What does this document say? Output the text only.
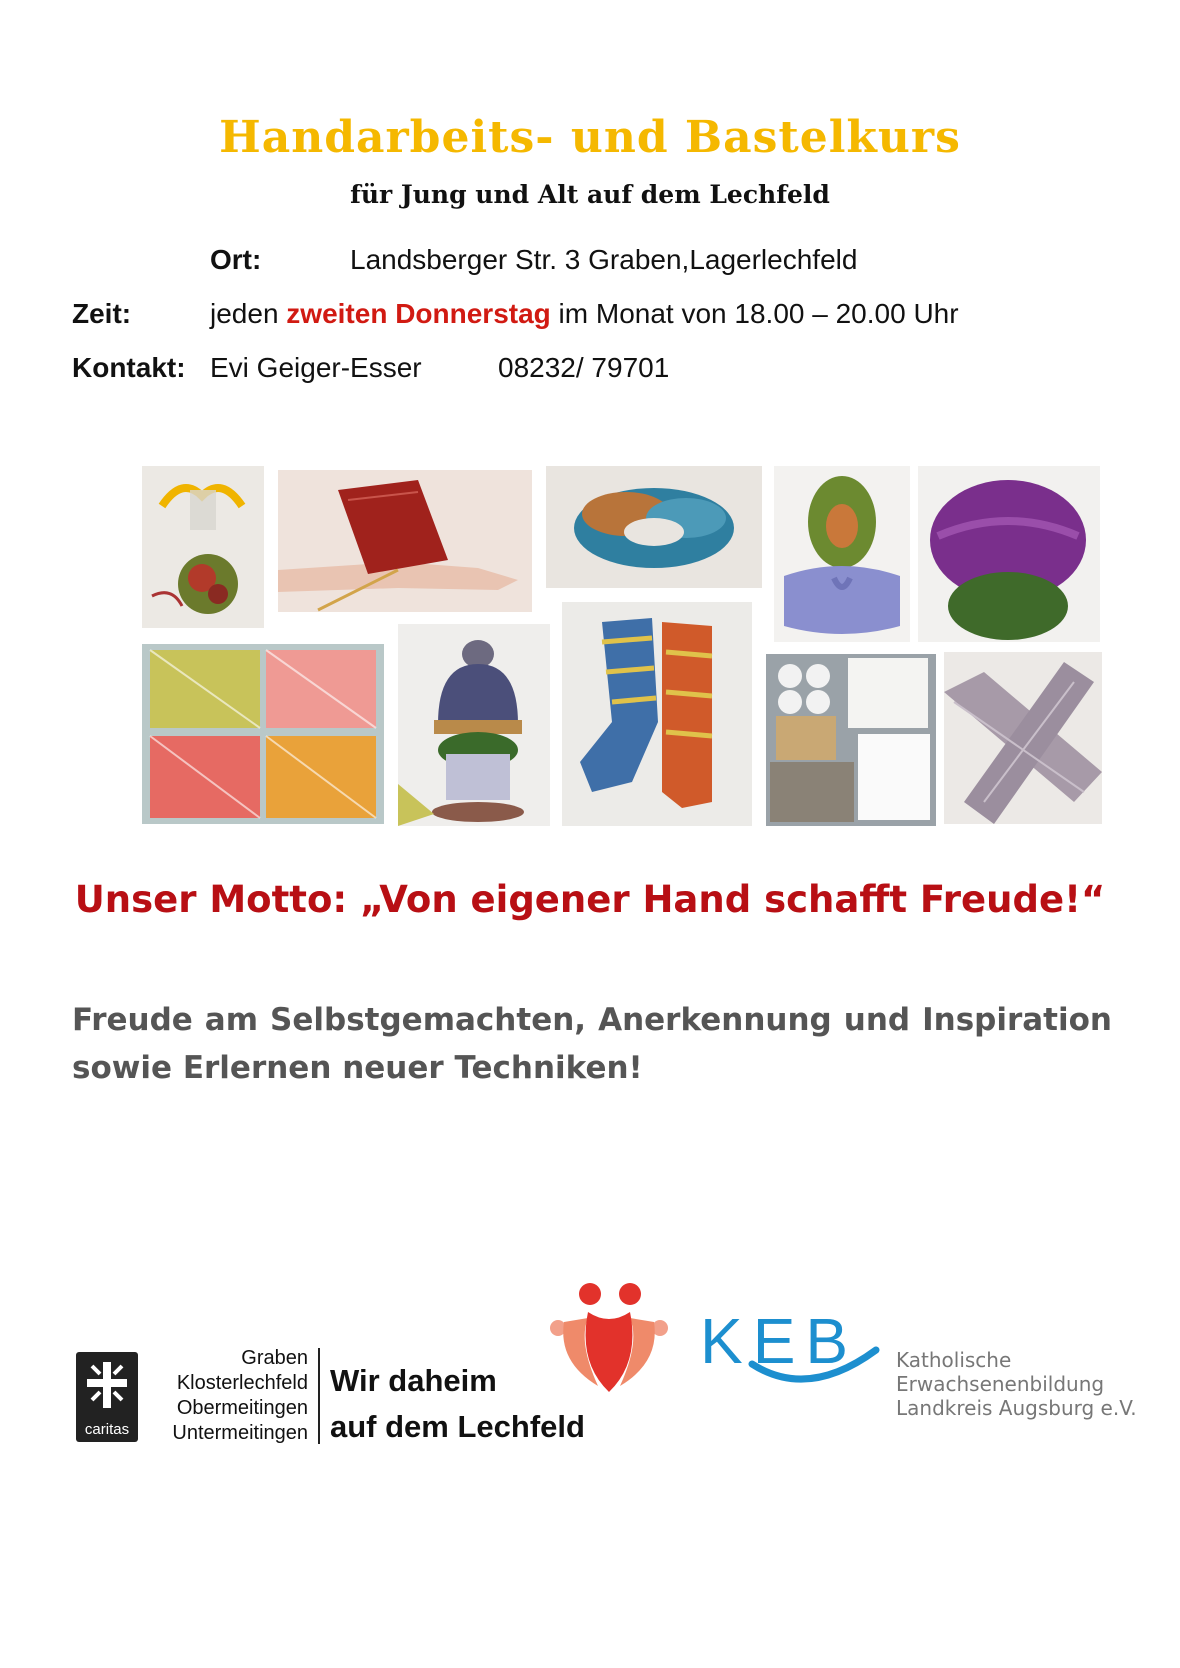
Handarbeits- und Bastelkurs
für Jung und Alt auf dem Lechfeld
Ort:	Landsberger Str. 3 Graben,Lagerlechfeld
Zeit:	jeden zweiten Donnerstag im Monat von 18.00 – 20.00 Uhr
Kontakt: Evi Geiger-Esser	08232/ 79701
Unser Motto: „Von eigener Hand schafft Freude!“
Freude am Selbstgemachten, Anerkennung und Inspiration sowie Erlernen neuer Techniken!
caritas
Graben
Klosterlechfeld
Obermeitingen
Untermeitingen
Wir daheim
auf dem Lechfeld
KEB Katholische
Erwachsenenbildung
Landkreis Augsburg e.V.
